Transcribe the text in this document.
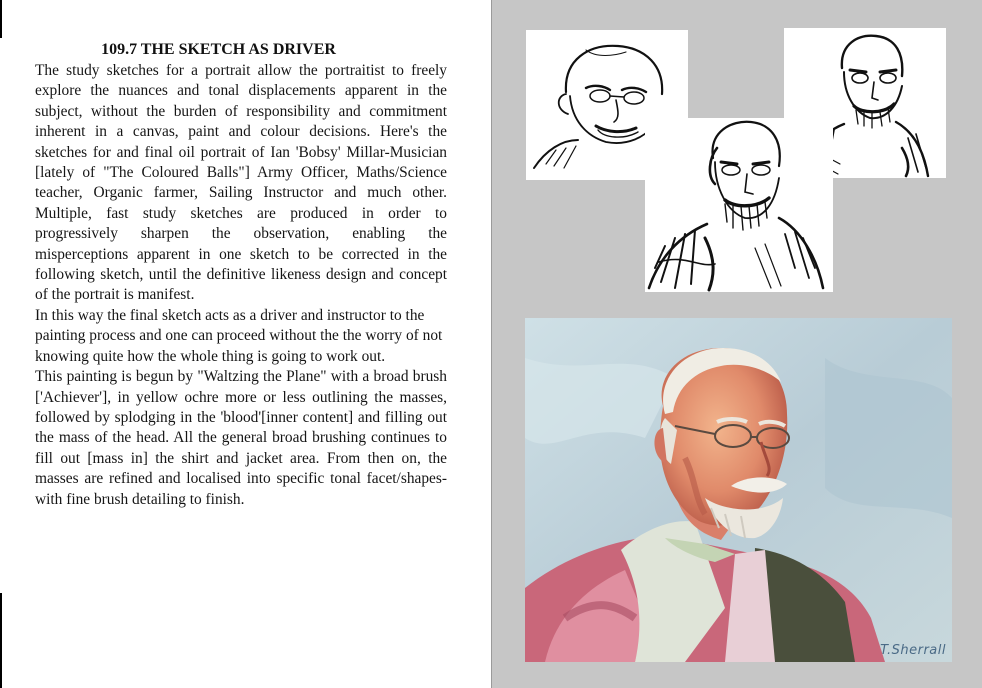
109.7 THE SKETCH AS DRIVER

The study sketches for a portrait allow the portraitist to freely explore the nuances and tonal displacements apparent in the subject, without the burden of responsibility and commitment inherent in a canvas, paint and colour decisions. Here's the sketches for and final oil portrait of Ian 'Bobsy' Millar-Musician [lately of "The Coloured Balls"] Army Officer, Maths/Science teacher, Organic farmer, Sailing Instructor and much other. Multiple, fast study sketches are produced in order to progressively sharpen the observation, enabling the misperceptions apparent in one sketch to be corrected in the following sketch, until the definitive likeness design and concept of the portrait is manifest.

In this way the final sketch acts as a driver and instructor to the painting process and one can proceed without the the worry of not knowing quite how the whole thing is going to work out.

This painting is begun by "Waltzing the Plane" with a broad brush ['Achiever'], in yellow ochre more or less outlining the masses, followed by splodging in the 'blood'[inner content] and filling out the mass of the head. All the general broad brushing continues to fill out [mass in] the shirt and jacket area. From then on, the masses are refined and localised into specific tonal facet/shapes-with fine brush detailing to finish.

T.Sherrall
